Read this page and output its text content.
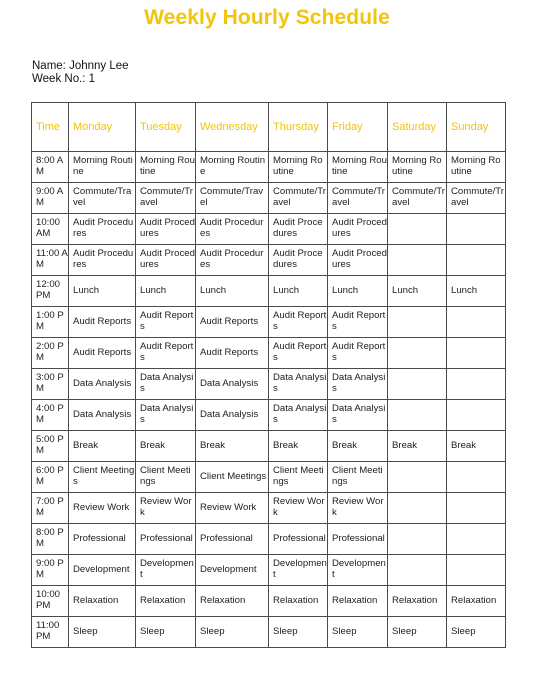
Weekly Hourly Schedule
Name: Johnny Lee
Week No.: 1
Time	Monday	Tuesday	Wednesday	Thursday	Friday	Saturday	Sunday
8:00 AM	Morning Routine	Morning Routine	Morning Routine	Morning Routine	Morning Routine	Morning Routine	Morning Routine
9:00 AM	Commute/Travel	Commute/Travel	Commute/Travel	Commute/Travel	Commute/Travel	Commute/Travel	Commute/Travel
10:00 AM	Audit Procedures	Audit Procedures	Audit Procedures	Audit Procedures	Audit Procedures		
11:00 AM	Audit Procedures	Audit Procedures	Audit Procedures	Audit Procedures	Audit Procedures		
12:00 PM	Lunch	Lunch	Lunch	Lunch	Lunch	Lunch	Lunch
1:00 PM	Audit Reports	Audit Reports	Audit Reports	Audit Reports	Audit Reports		
2:00 PM	Audit Reports	Audit Reports	Audit Reports	Audit Reports	Audit Reports		
3:00 PM	Data Analysis	Data Analysis	Data Analysis	Data Analysis	Data Analysis		
4:00 PM	Data Analysis	Data Analysis	Data Analysis	Data Analysis	Data Analysis		
5:00 PM	Break	Break	Break	Break	Break	Break	Break
6:00 PM	Client Meetings	Client Meetings	Client Meetings	Client Meetings	Client Meetings		
7:00 PM	Review Work	Review Work	Review Work	Review Work	Review Work		
8:00 PM	Professional	Professional	Professional	Professional	Professional		
9:00 PM	Development	Development	Development	Development	Development		
10:00 PM	Relaxation	Relaxation	Relaxation	Relaxation	Relaxation	Relaxation	Relaxation
11:00 PM	Sleep	Sleep	Sleep	Sleep	Sleep	Sleep	Sleep
